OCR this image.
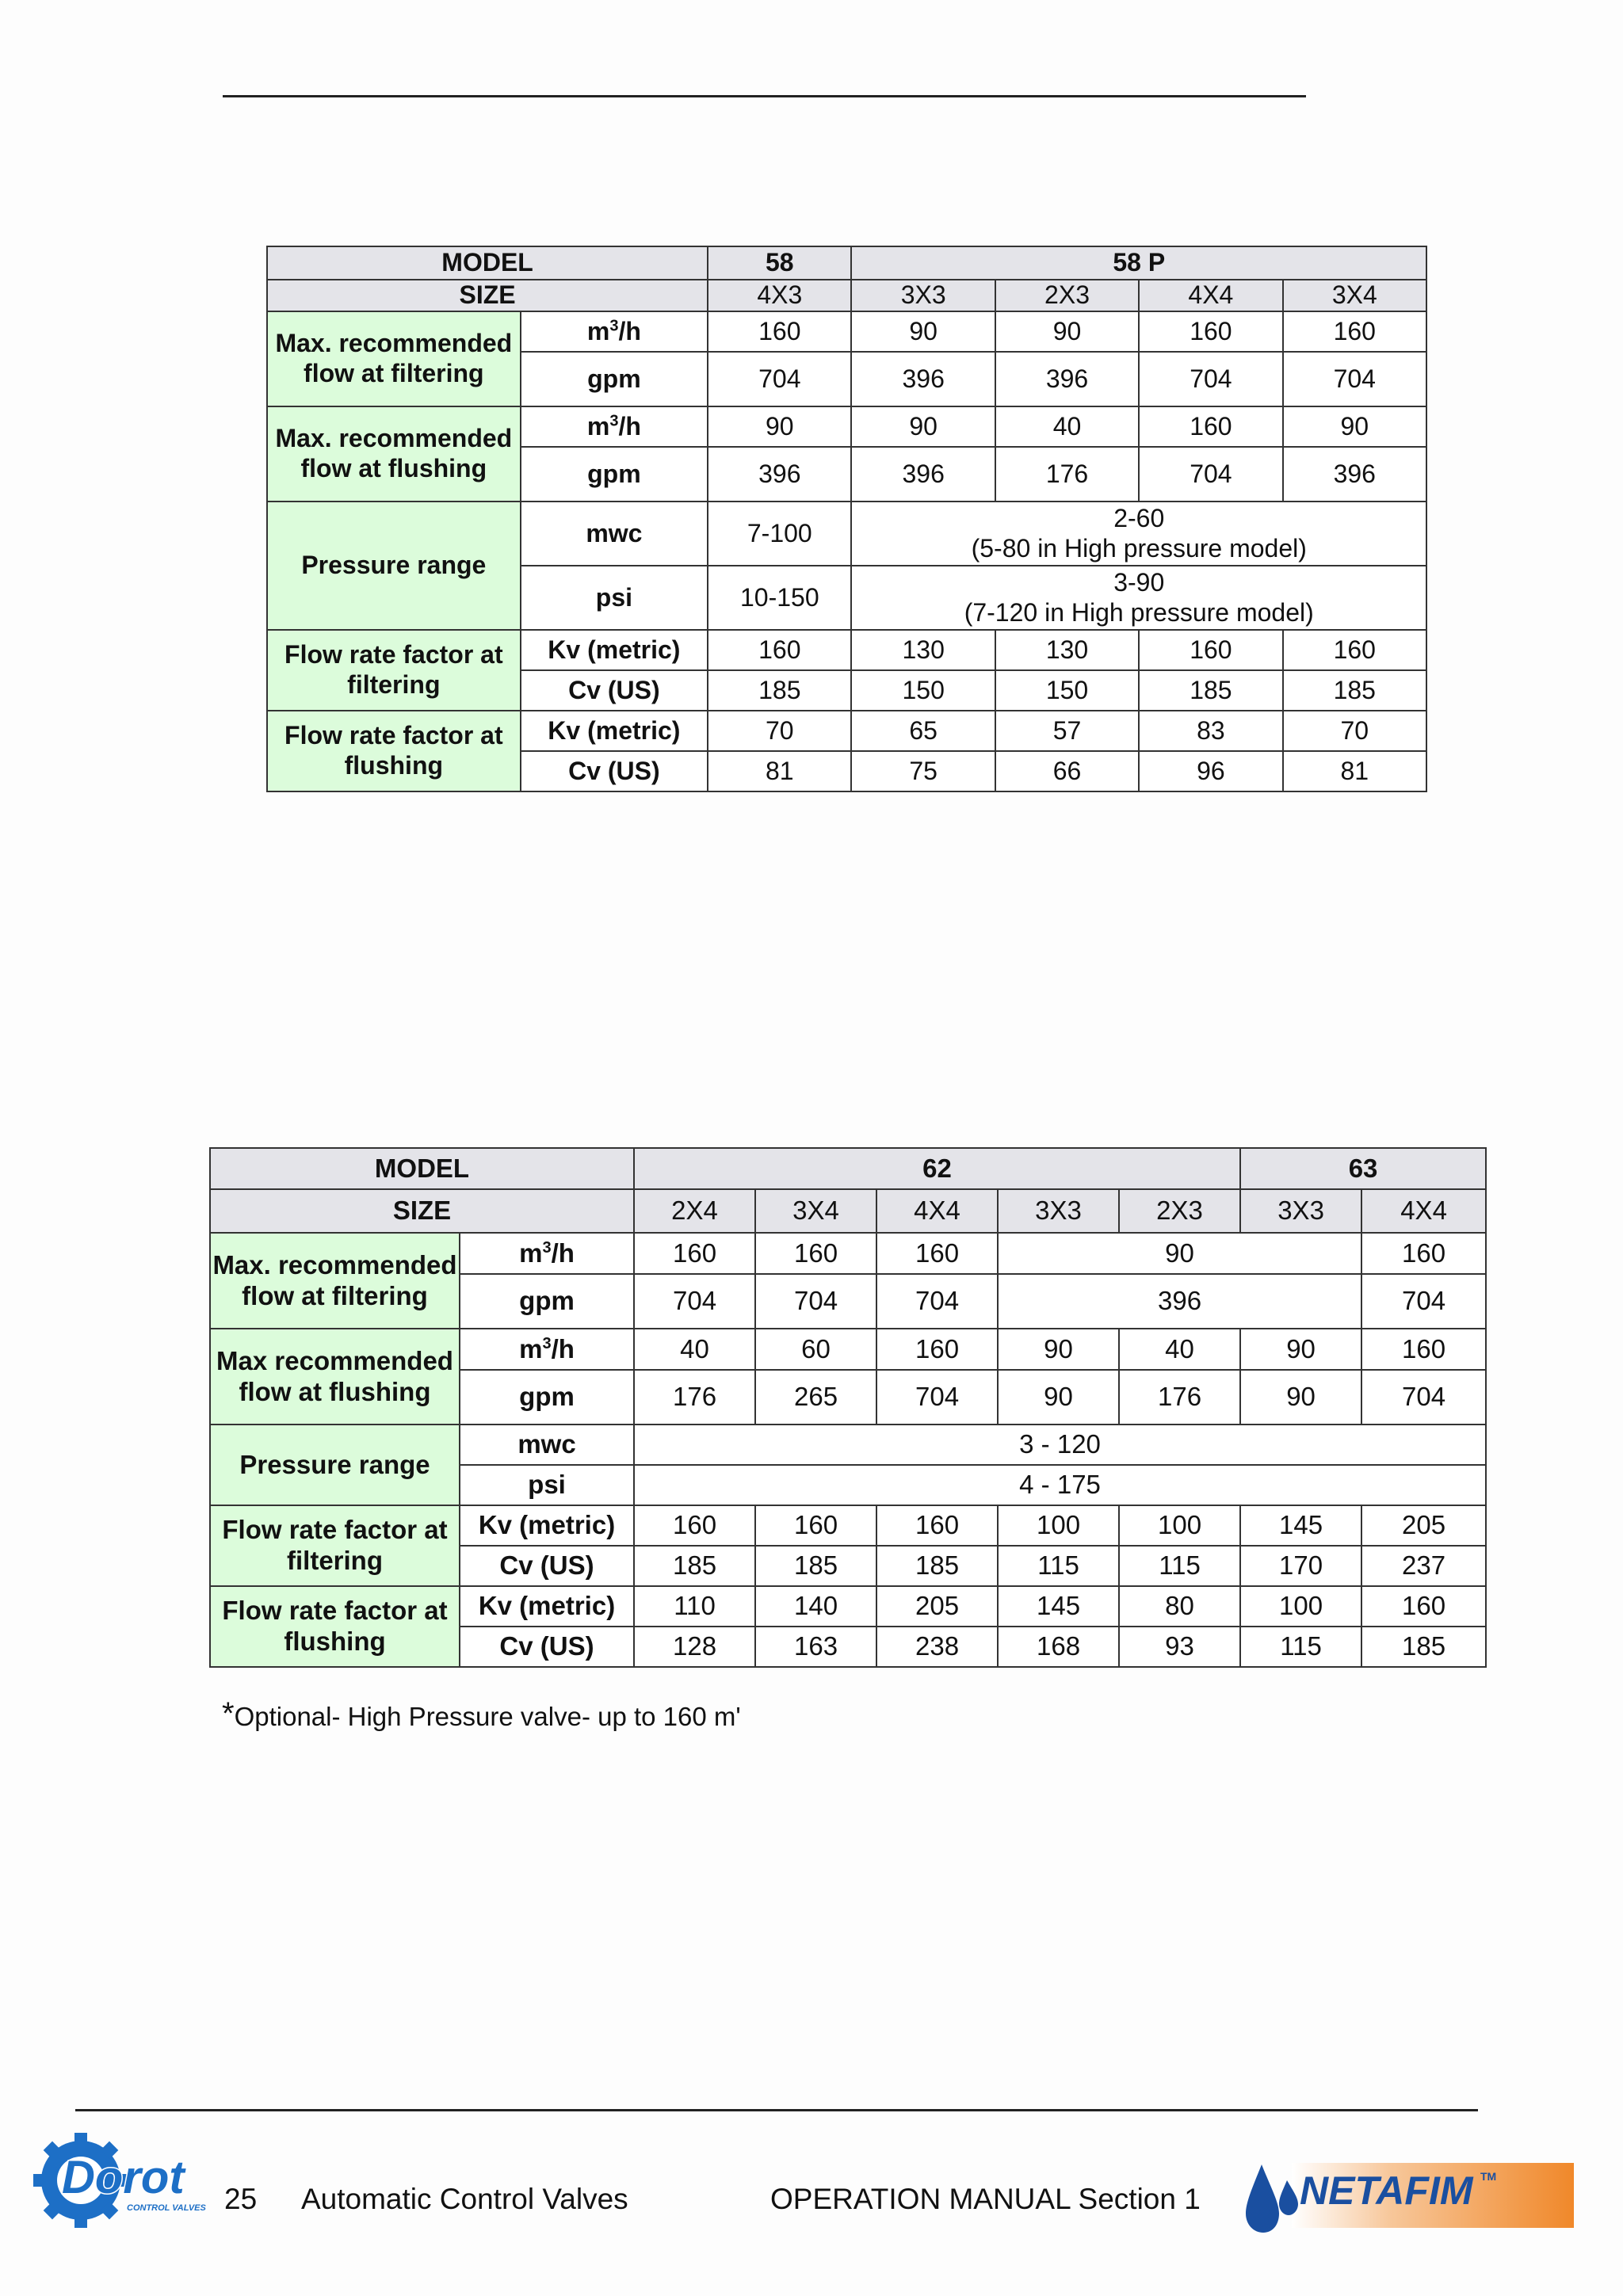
MODEL		58	58 P			
SIZE		4X3	3X3	2X3	4X4	3X4
Max. recommended flow at filtering	$m^3/h$	160	90	90	160	160
	gpm	704	396	396	704	704
Max. recommended flow at flushing	$m^3/h$	90	90	40	160	90
	gpm	396	396	176	704	396
Pressure range	mwc	7-100	2-60
(5-80 in High pressure model)			

	psi	10-150	3-90
(7-120 in High pressure model)			

Flow rate factor at filtering	Kv (metric)	160	130	130	160	160
	Cv (US)	185	150	150	185	185
Flow rate factor at flushing	Kv (metric)	70	65	57	83	70
	Cv (US)	81	75	66	96	81
MODEL		62					63	
SIZE		2X4	3X4	4X4	3X3	2X3	3X3	4X4
Max. recommended flow at filtering	$m^3/h$	160	160	160	90			160
	gpm	704	704	704	396			704
Max recommended flow at flushing	$m^3/h$	40	60	160	90	40	90	160
	gpm	176	265	704	90	176	90	704
Pressure range	mwc	3 - 120						
	psi	4 - 175						
Flow rate factor at filtering	Kv (metric)	160	160	160	100	100	145	205
	Cv (US)	185	185	185	115	115	170	237
Flow rate factor at flushing	Kv (metric)	110	140	205	145	80	100	160
	Cv (US)	128	163	238	168	93	115	185
*Optional- High Pressure valve- up to 160 m'
Dorot
CONTROL VALVES 25 Automatic Control Valves	OPERATION MANUAL Section 1	NETAFIM TM
